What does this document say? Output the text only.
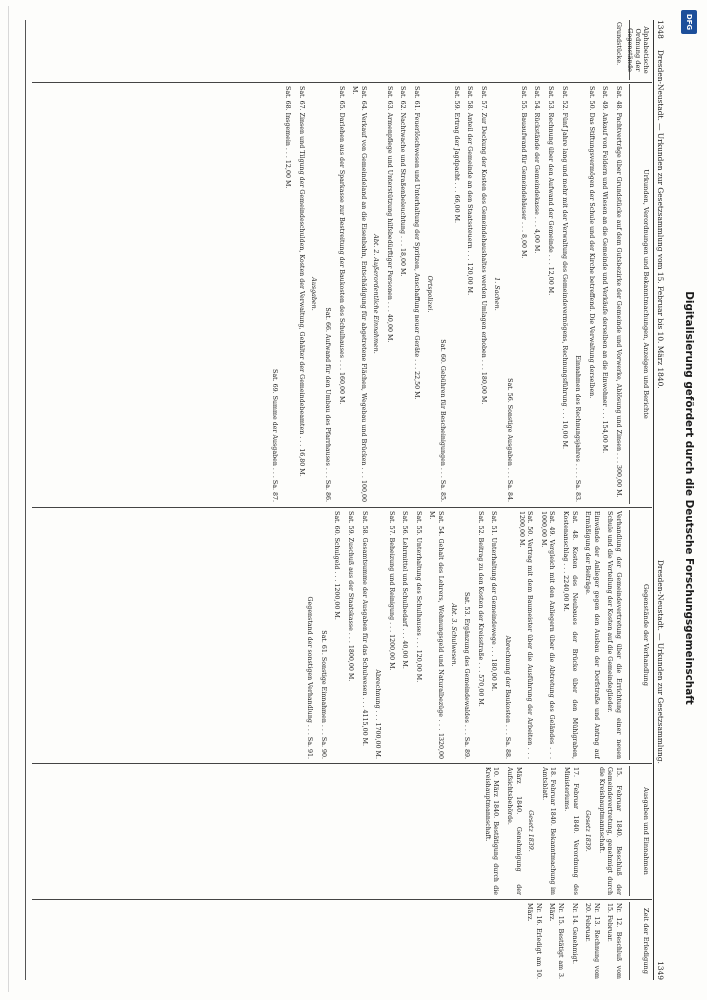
1348
Dresden-Neustadt. — Urkunden zur Gesetzsammlung vom 15. Februar bis 10. März 1840.
Dresden-Neustadt. — Urkunden zur Gesetzsammlung.
1349
Alphabetische Ordnung der Gegenstände
Urkunden, Verordnungen und Bekanntmachungen, Anzeigen und Berichte
Gegenstände der Verhandlung
Ausgaben und Einnahmen
Zeit der Erledigung
Grundstücke.
Sat. 48. Pachtverträge über Grundstücke auf dem Gutsbezirke der Gemeinde und Vorwerke, Ablösung und Zinsen . . . 300,00 M.
Sat. 49. Ankauf von Feldern und Wiesen an die Gemeinde und Verkäufe derselben an die Einwohner . . . 154,00 M.
Sat. 50. Das Stiftungsvermögen der Schule und der Kirche betreffend. Die Verwaltung derselben.
Einnahmen des Rechnungsjahres . . . . Sa. 83.
Sat. 52. Fünf Jahre lang und mehr mit der Verwaltung des Gemeindevermögens, Rechnungsführung . . . 10,00 M.
Sat. 53. Rechnung über den Aufwand der Gemeinde . . . 12,00 M.
Sat. 54. Rückstände der Gemeindekasse . . . 4,00 M.
Sat. 55. Bauaufwand für Gemeindehäuser . . . 8,00 M.
Sat. 56. Sonstige Ausgaben . . . Sa. 84.
1. Sachen.
Sat. 57. Zur Deckung der Kosten des Gemeindehaushaltes werden Umlagen erhoben . . . 180,00 M.
Sat. 58. Anteil der Gemeinde an den Staatssteuern . . . 120,00 M.
Sat. 59. Ertrag der Jagdpacht . . . 66,00 M.
Sat. 60. Gebühren für Bescheinigungen . . . Sa. 85.
Ortspolizei.
Sat. 61. Feuerlöschwesen und Unterhaltung der Spritzen, Anschaffung neuer Geräte . . . 22,50 M.
Sat. 62. Nachtwache und Straßenbeleuchtung . . . 18,00 M.
Sat. 63. Armenpflege und Unterstützung hilfsbedürftiger Personen . . . 40,00 M.
Abt. 2. Außerordentliche Einnahmen.
Sat. 64. Verkauf von Gemeindeland an die Eisenbahn, Entschädigung für abgetretene Flächen, Wegebau und Brücken . . . 100,00 M.
Sat. 65. Darlehen aus der Sparkasse zur Bestreitung der Baukosten des Schulhauses . . . 160,00 M.
Sat. 66. Aufwand für den Umbau des Pfarrhauses . . . Sa. 86.
Ausgaben.
Sat. 67. Zinsen und Tilgung der Gemeindeschulden, Kosten der Verwaltung, Gehälter der Gemeindebeamten . . . 16,80 M.
Sat. 68. Insgemein . . . 12,00 M.
Sat. 69. Summe der Ausgaben . . . Sa. 87.
Verhandlung der Gemeindevertretung über die Errichtung einer neuen Schule und die Verteilung der Kosten auf die Gemeindeglieder.
Einwände der Anlieger gegen den Ausbau der Dorfstraße und Antrag auf Ermäßigung der Beiträge.
Sat. 48. Kosten des Neubaues der Brücke über den Mühlgraben, Kostenanschlag . . . 2240,00 M.
Sat. 49. Vergleich mit den Anliegern über die Abtretung des Geländes . . . 1000,00 M.
Sat. 50. Vertrag mit dem Baumeister über die Ausführung der Arbeiten . . . 1200,00 M.
Abrechnung der Baukosten . . . Sa. 88.
Sat. 51. Unterhaltung der Gemeindewege . . . 180,00 M.
Sat. 52. Beitrag zu den Kosten der Kreisstraße . . . 570,00 M.
Sat. 53. Ergänzung des Gemeindewaldes . . . Sa. 89.
Abt. 3. Schulwesen.
Sat. 54. Gehalt des Lehrers, Wohnungsgeld und Naturalbezüge . . . 1320,00 M.
Sat. 55. Unterhaltung des Schulhauses . . . 120,00 M.
Sat. 56. Lehrmittel und Schulbedarf . . . 40,00 M.
Sat. 57. Beheizung und Reinigung . . . 1200,00 M.
Abrechnung . . . 1700,00 M.
Sat. 58. Gesamtsumme der Ausgaben für das Schulwesen . . . 4115,00 M.
Sat. 59. Zuschuß aus der Staatskasse . . . 1800,00 M.
Sat. 60. Schulgeld . . . 1200,00 M.
Sat. 61. Sonstige Einnahmen . . . Sa. 90.
Gegenstand der sonstigen Verhandlung . . . Sa. 91.
15. Februar 1840. Beschluß der Gemeindevertretung, genehmigt durch die Kreishauptmannschaft.
Gesetz 1839.
17. Februar 1840. Verordnung des Ministeriums.
18. Februar 1840. Bekanntmachung im Amtsblatt.
Gesetz 1839.
März 1840. Genehmigung der Aufsichtsbehörde.
10. März 1840. Bestätigung durch die Kreishauptmannschaft.
Nr. 12. Beschluß vom 15. Februar.
Nr. 13. Rechnung vom 20. Februar.
Nr. 14. Genehmigt.
Nr. 15. Bestätigt am 3. März.
Nr. 16. Erledigt am 10. März.
DFG
Digitalisierung gefördert durch die Deutsche Forschungsgemeinschaft
